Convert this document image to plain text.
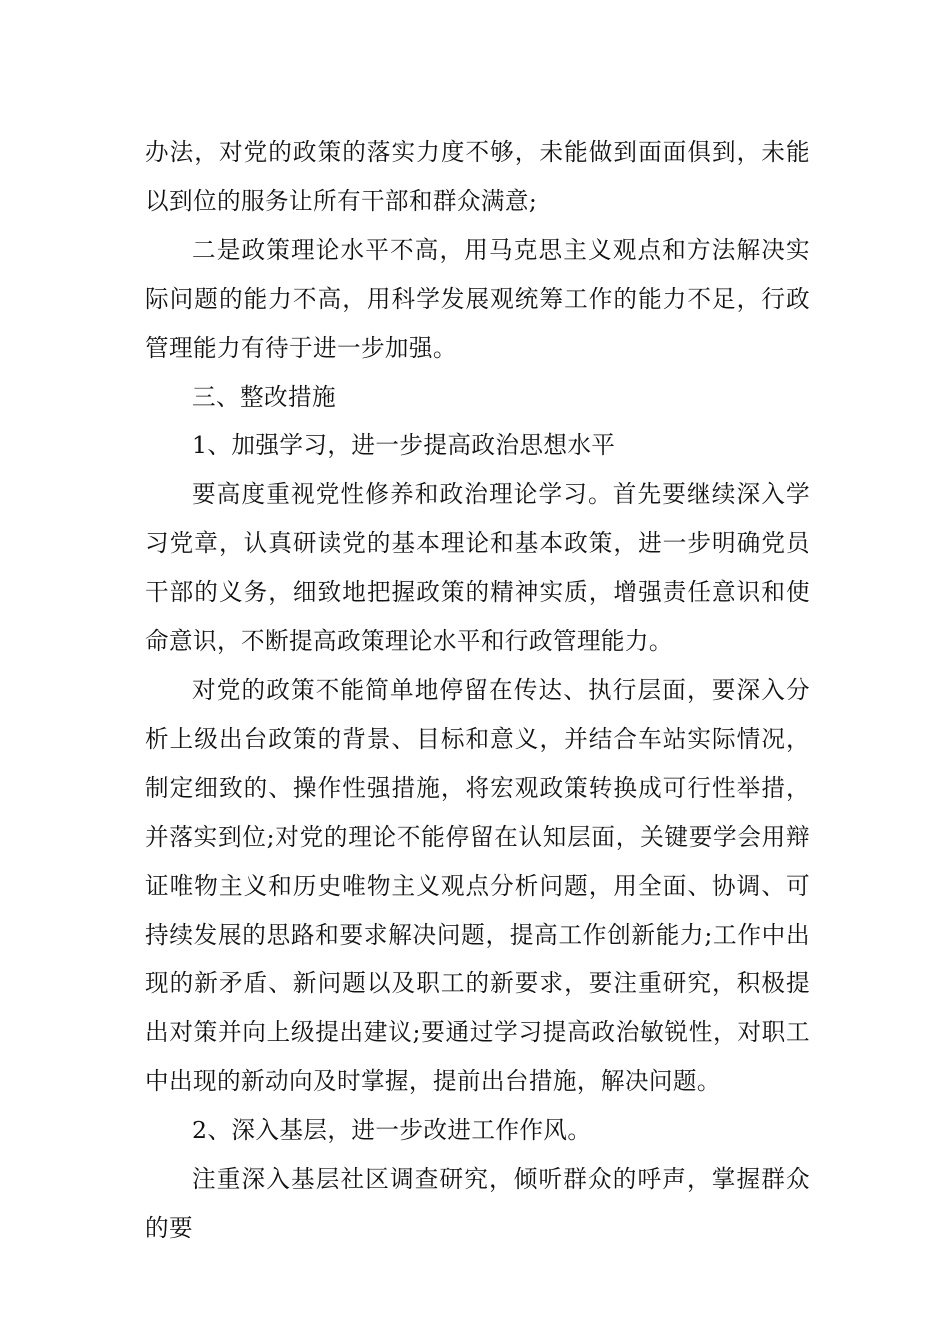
办法，对党的政策的落实力度不够，未能做到面面俱到，未能以到位的服务让所有干部和群众满意;

二是政策理论水平不高，用马克思主义观点和方法解决实际问题的能力不高，用科学发展观统筹工作的能力不足，行政管理能力有待于进一步加强。

三、整改措施

1、加强学习，进一步提高政治思想水平

要高度重视党性修养和政治理论学习。首先要继续深入学习党章，认真研读党的基本理论和基本政策，进一步明确党员干部的义务，细致地把握政策的精神实质，增强责任意识和使命意识，不断提高政策理论水平和行政管理能力。

对党的政策不能简单地停留在传达、执行层面，要深入分析上级出台政策的背景、目标和意义，并结合车站实际情况，制定细致的、操作性强措施，将宏观政策转换成可行性举措，并落实到位;对党的理论不能停留在认知层面，关键要学会用辩证唯物主义和历史唯物主义观点分析问题，用全面、协调、可持续发展的思路和要求解决问题，提高工作创新能力;工作中出现的新矛盾、新问题以及职工的新要求，要注重研究，积极提出对策并向上级提出建议;要通过学习提高政治敏锐性，对职工中出现的新动向及时掌握，提前出台措施，解决问题。

2、深入基层，进一步改进工作作风。

注重深入基层社区调查研究，倾听群众的呼声，掌握群众的要
